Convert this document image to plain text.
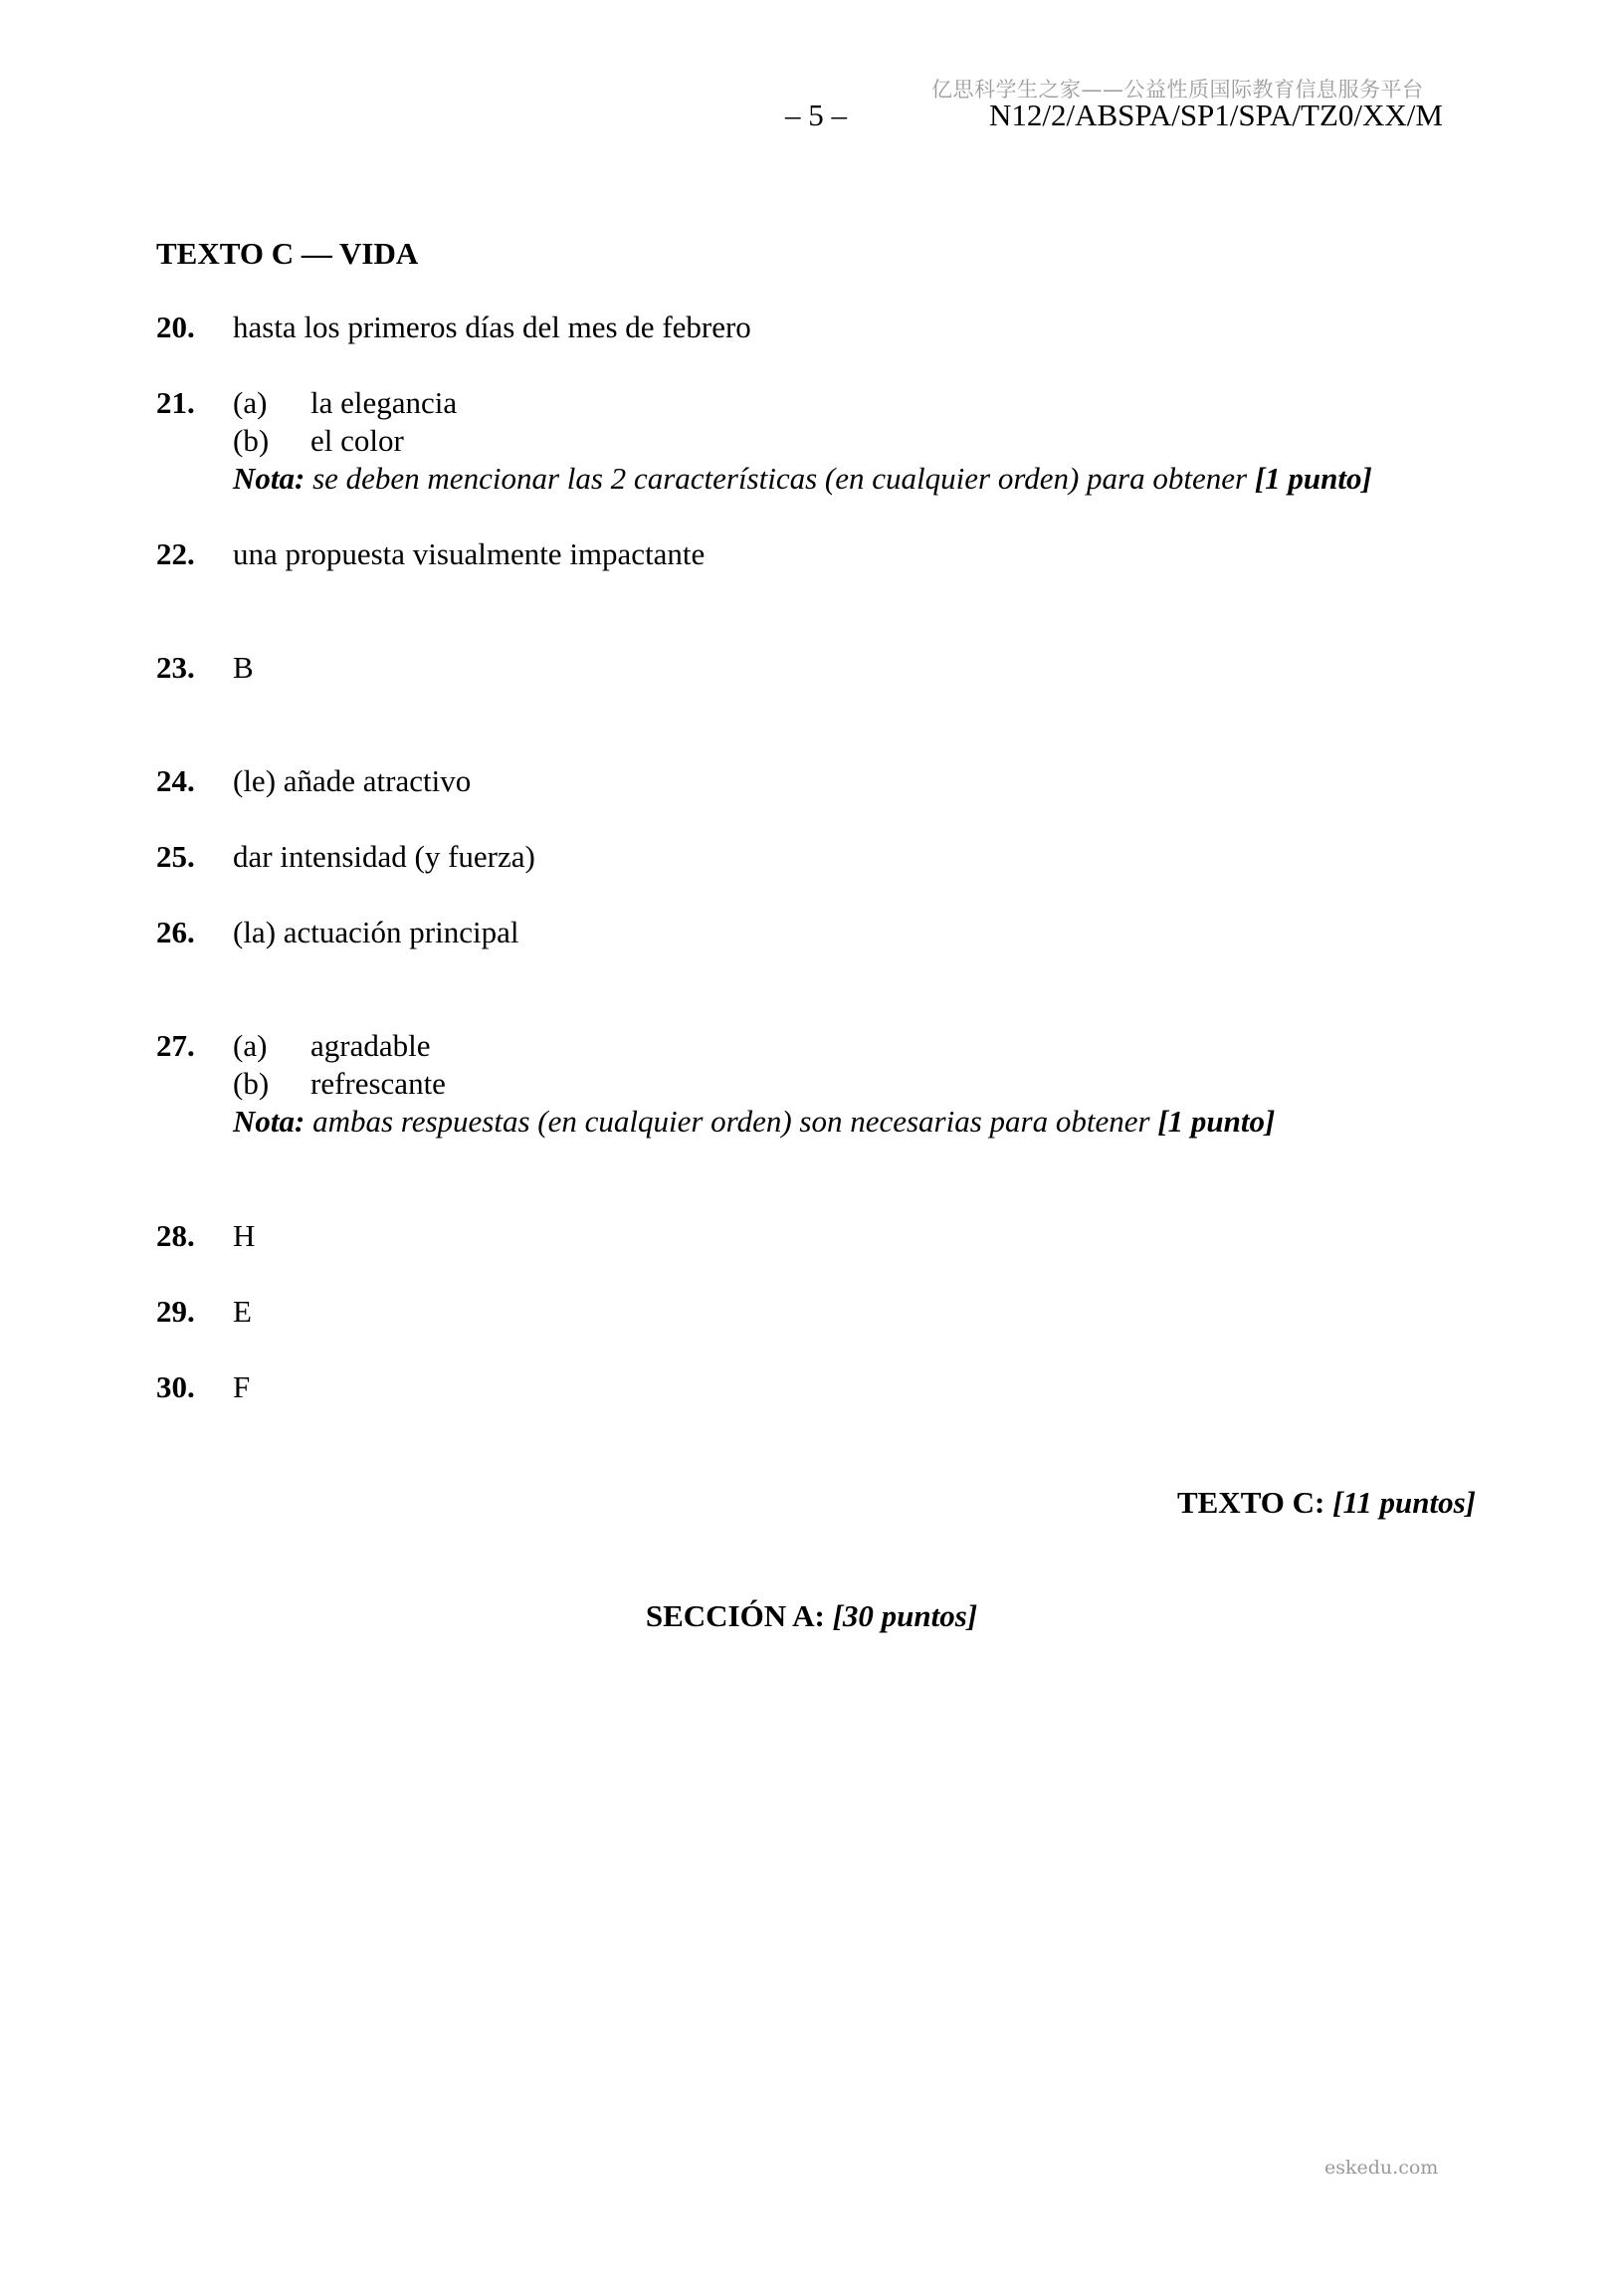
亿思科学生之家——公益性质国际教育信息服务平台
– 5 –	N12/2/ABSPA/SP1/SPA/TZ0/XX/M
TEXTO C — VIDA
20. hasta los primeros días del mes de febrero
21. (a) la elegancia
(b) el color
Nota: se deben mencionar las 2 características (en cualquier orden) para obtener [1 punto]
22. una propuesta visualmente impactante
23. B
24. (le) añade atractivo
25. dar intensidad (y fuerza)
26. (la) actuación principal
27. (a) agradable
(b) refrescante
Nota: ambas respuestas (en cualquier orden) son necesarias para obtener [1 punto]
28. H
29. E
30. F
TEXTO C: [11 puntos]
SECCIÓN A: [30 puntos]
eskedu.com
